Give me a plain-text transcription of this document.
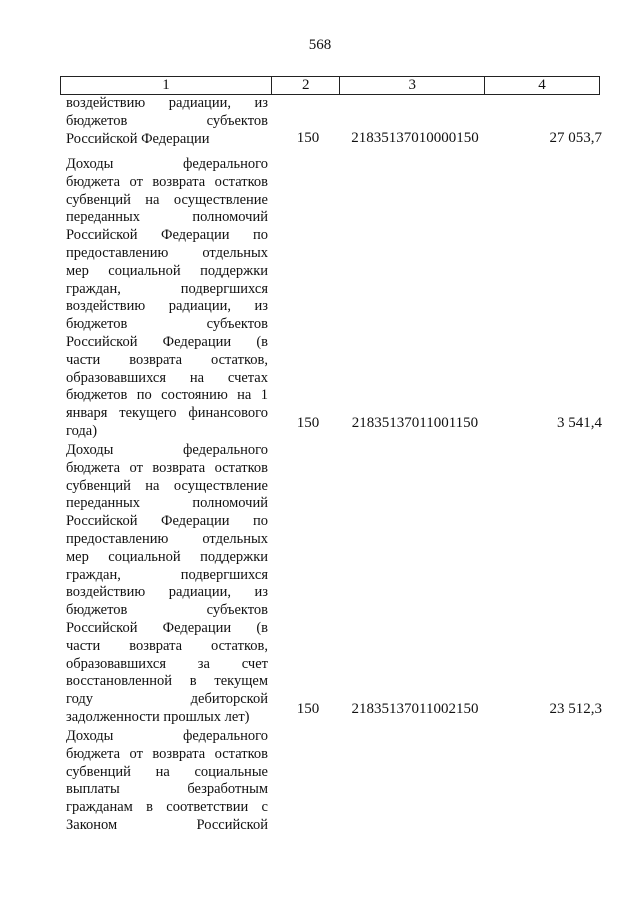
568
1	2	3	4
воздействию радиации, из
бюджетов субъектов
Российской Федерации	150	21835137010000150	27 053,7
Доходы федерального
бюджета от возврата остатков
субвенций на осуществление
переданных полномочий
Российской Федерации по
предоставлению отдельных
мер социальной поддержки
граждан, подвергшихся
воздействию радиации, из
бюджетов субъектов
Российской Федерации (в
части возврата остатков,
образовавшихся на счетах
бюджетов по состоянию на 1
января текущего финансового
года)	150	21835137011001150	3 541,4
Доходы федерального
бюджета от возврата остатков
субвенций на осуществление
переданных полномочий
Российской Федерации по
предоставлению отдельных
мер социальной поддержки
граждан, подвергшихся
воздействию радиации, из
бюджетов субъектов
Российской Федерации (в
части возврата остатков,
образовавшихся за счет
восстановленной в текущем
году дебиторской
задолженности прошлых лет)	150	21835137011002150	23 512,3
Доходы федерального
бюджета от возврата остатков
субвенций на социальные
выплаты безработным
гражданам в соответствии с
Законом Российской
